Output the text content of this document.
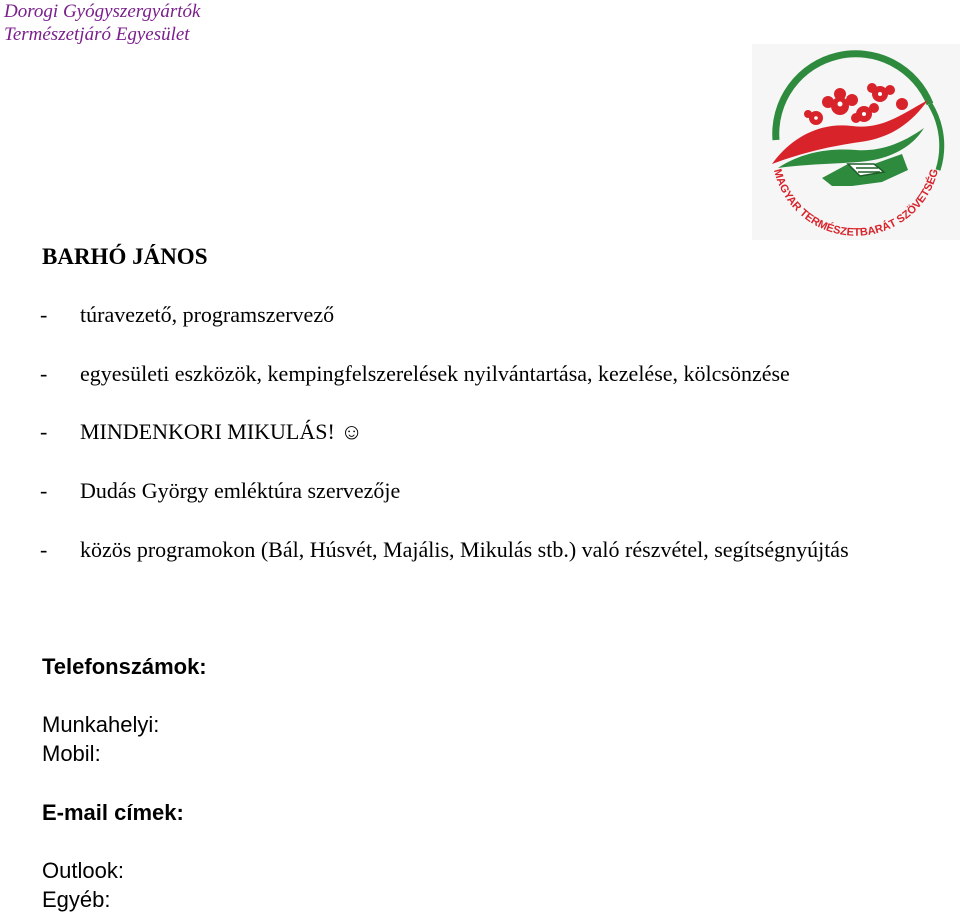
Dorogi Gyógyszergyártók
Természetjáró Egyesület
MAGYAR TERMÉSZETBARÁT SZÖVETSÉG
BARHÓ JÁNOS
-	túravezető, programszervező
-	egyesületi eszközök, kempingfelszerelések nyilvántartása, kezelése, kölcsönzése
-	MINDENKORI MIKULÁS! ☺
-	Dudás György emléktúra szervezője
-	közös programokon (Bál, Húsvét, Majális, Mikulás stb.) való részvétel, segítségnyújtás
Telefonszámok:
Munkahelyi:
Mobil:
E-mail címek:
Outlook:
Egyéb:
